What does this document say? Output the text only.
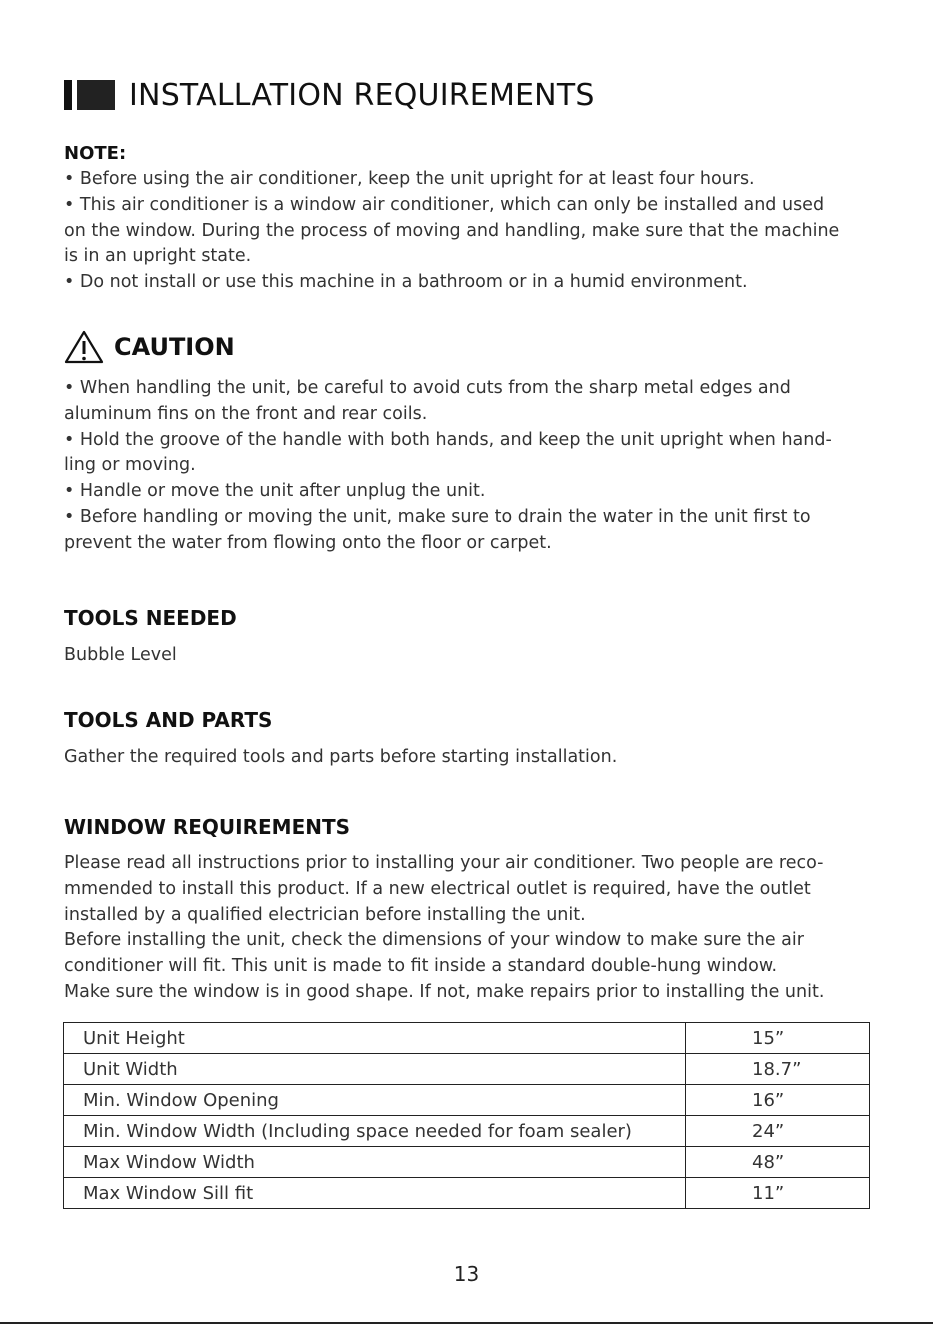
INSTALLATION REQUIREMENTS
NOTE:
• Before using the air conditioner, keep the unit upright for at least four hours.
• This air conditioner is a window air conditioner, which can only be installed and used
on the window. During the process of moving and handling, make sure that the machine
is in an upright state.
• Do not install or use this machine in a bathroom or in a humid environment.
CAUTION
• When handling the unit, be careful to avoid cuts from the sharp metal edges and
aluminum fins on the front and rear coils.
• Hold the groove of the handle with both hands, and keep the unit upright when hand-
ling or moving.
• Handle or move the unit after unplug the unit.
• Before handling or moving the unit, make sure to drain the water in the unit first to
prevent the water from flowing onto the floor or carpet.
TOOLS NEEDED
Bubble Level
TOOLS AND PARTS
Gather the required tools and parts before starting installation.
WINDOW REQUIREMENTS
Please read all instructions prior to installing your air conditioner. Two people are reco-
mmended to install this product. If a new electrical outlet is required, have the outlet
installed by a qualified electrician before installing the unit.
Before installing the unit, check the dimensions of your window to make sure the air
conditioner will fit. This unit is made to fit inside a standard double-hung window.
Make sure the window is in good shape. If not, make repairs prior to installing the unit.
Unit Height	15”
Unit Width	18.7”
Min. Window Opening	16”
Min. Window Width (Including space needed for foam sealer)	24”
Max Window Width	48”
Max Window Sill fit	11”
13
